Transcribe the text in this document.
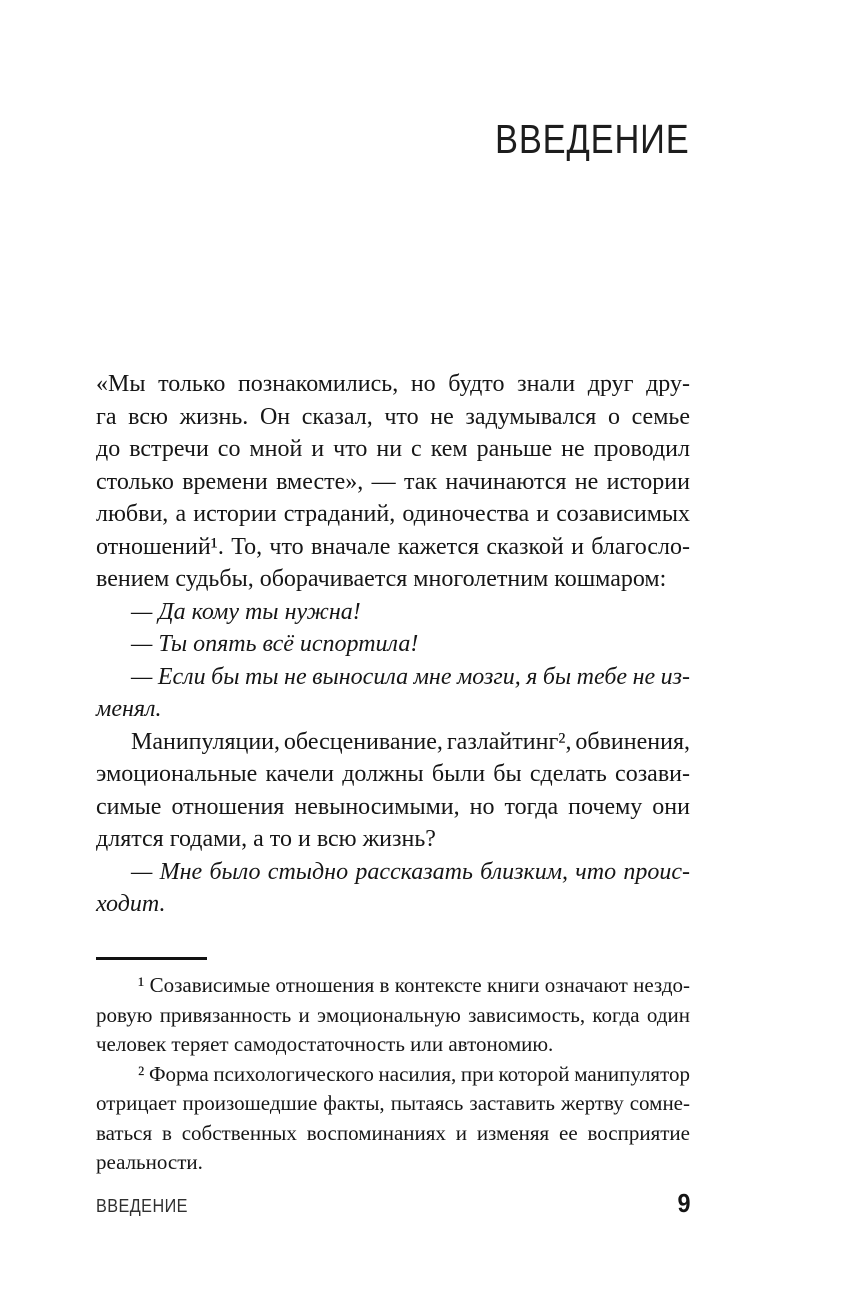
ВВЕДЕНИЕ
«Мы только познакомились, но будто знали друг дру-
га всю жизнь. Он сказал, что не задумывался о семье
до встречи со мной и что ни с кем раньше не проводил
столько времени вместе», — так начинаются не истории
любви, а истории страданий, одиночества и созависимых
отношений¹. То, что вначале кажется сказкой и благосло-
вением судьбы, оборачивается многолетним кошмаром:
— Да кому ты нужна!
— Ты опять всё испортила!
— Если бы ты не выносила мне мозги, я бы тебе не из-
менял.
Манипуляции, обесценивание, газлайтинг², обвинения,
эмоциональные качели должны были бы сделать созави-
симые отношения невыносимыми, но тогда почему они
длятся годами, а то и всю жизнь?
— Мне было стыдно рассказать близким, что проис-
ходит.
¹ Созависимые отношения в контексте книги означают нездо-
ровую привязанность и эмоциональную зависимость, когда один
человек теряет самодостаточность или автономию.
² Форма психологического насилия, при которой манипулятор
отрицает произошедшие факты, пытаясь заставить жертву сомне-
ваться в собственных воспоминаниях и изменяя ее восприятие
реальности.
ВВЕДЕНИЕ	9
